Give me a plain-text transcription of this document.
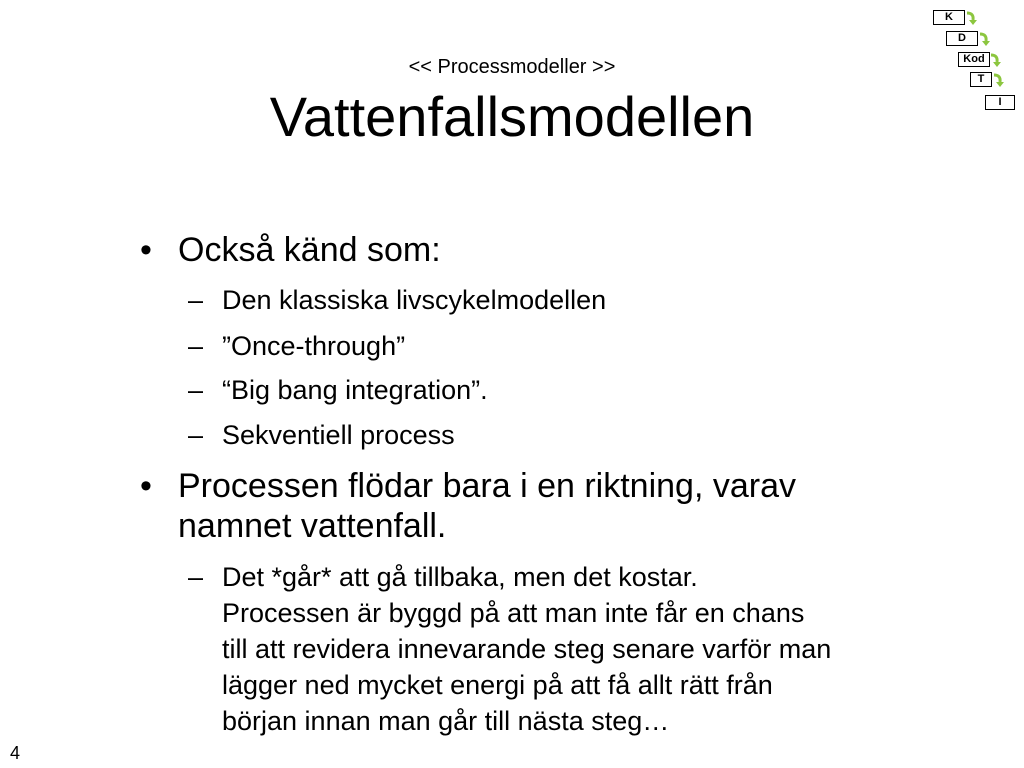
<< Processmodeller >>
Vattenfallsmodellen
• Också känd som:
– Den klassiska livscykelmodellen
– ”Once-through”
– “Big bang integration”.
– Sekventiell process
• Processen flödar bara i en riktning, varav
namnet vattenfall.
– Det *går* att gå tillbaka, men det kostar.
Processen är byggd på att man inte får en chans
till att revidera innevarande steg senare varför man
lägger ned mycket energi på att få allt rätt från
början innan man går till nästa steg…
4
K
D
Kod
T
I
